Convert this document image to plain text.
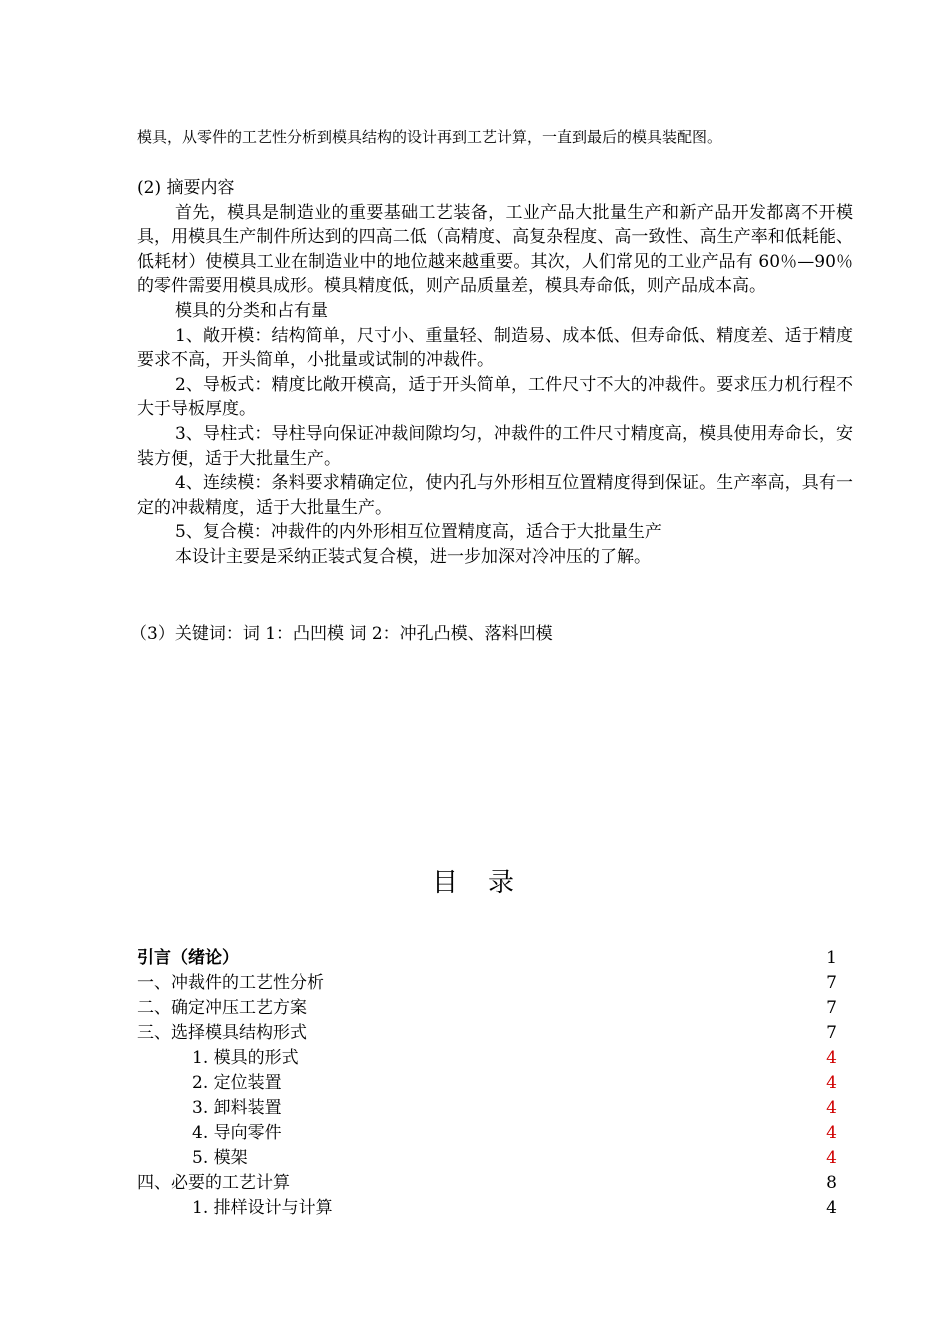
模具，从零件的工艺性分析到模具结构的设计再到工艺计算，一直到最后的模具装配图。

(2) 摘要内容

首先，模具是制造业的重要基础工艺装备，工业产品大批量生产和新产品开发都离不开模具，用模具生产制件所达到的四高二低（高精度、高复杂程度、高一致性、高生产率和低耗能、低耗材）使模具工业在制造业中的地位越来越重要。其次，人们常见的工业产品有 60％—90％的零件需要用模具成形。模具精度低，则产品质量差，模具寿命低，则产品成本高。

模具的分类和占有量

1、敞开模：结构简单，尺寸小、重量轻、制造易、成本低、但寿命低、精度差、适于精度要求不高，开头简单，小批量或试制的冲裁件。

2、导板式：精度比敞开模高，适于开头简单，工件尺寸不大的冲裁件。要求压力机行程不大于导板厚度。

3、导柱式：导柱导向保证冲裁间隙均匀，冲裁件的工件尺寸精度高，模具使用寿命长，安装方便，适于大批量生产。

4、连续模：条料要求精确定位，使内孔与外形相互位置精度得到保证。生产率高，具有一定的冲裁精度，适于大批量生产。

5、复合模：冲裁件的内外形相互位置精度高，适合于大批量生产

本设计主要是采纳正装式复合模，进一步加深对冷冲压的了解。

（3）关键词：词 1：凸凹模 词 2：冲孔凸模、落料凹模
目录
引言（绪论）	1
一、冲裁件的工艺性分析	7
二、确定冲压工艺方案	7
三、选择模具结构形式	7
1. 模具的形式	4
2. 定位装置	4
3. 卸料装置	4
4. 导向零件	4
5. 模架	4
四、必要的工艺计算	8
1. 排样设计与计算	4
